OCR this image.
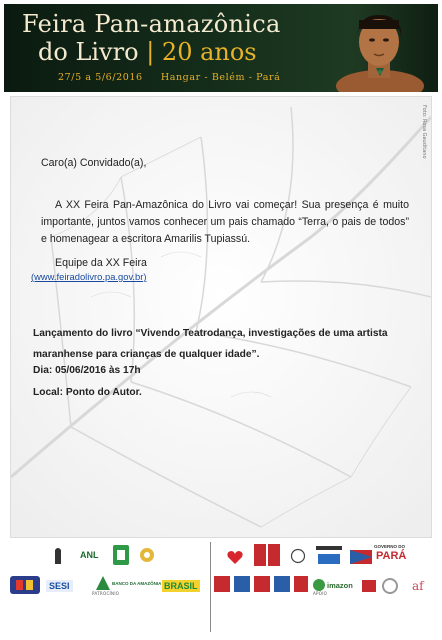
Feira Pan-amazônica
do Livro | 20 anos
27/5 a 5/6/2016 Hangar - Belém - Pará
Foto: Rosa Gauditano
Caro(a) Convidado(a),
A XX Feira Pan-Amazônica do Livro vai começar! Sua presença é muito importante, juntos vamos conhecer um pais chamado “Terra, o pais de todos” e homenagear a escritora Amarilis Tupiassú.
Equipe da XX Feira
(www.feiradolivro.pa.gov.br)
Lançamento do livro “Vivendo Teatrodança, investigações de uma artista maranhense para crianças de qualquer idade”.
Dia: 05/06/2016 às 17h
Local: Ponto do Autor.
PATROCÍNIO	APOIO
ANL
SESI	BANCO DA AMAZÔNIA BRASIL
GOVERNO DO
PARÁ
imazon	af
